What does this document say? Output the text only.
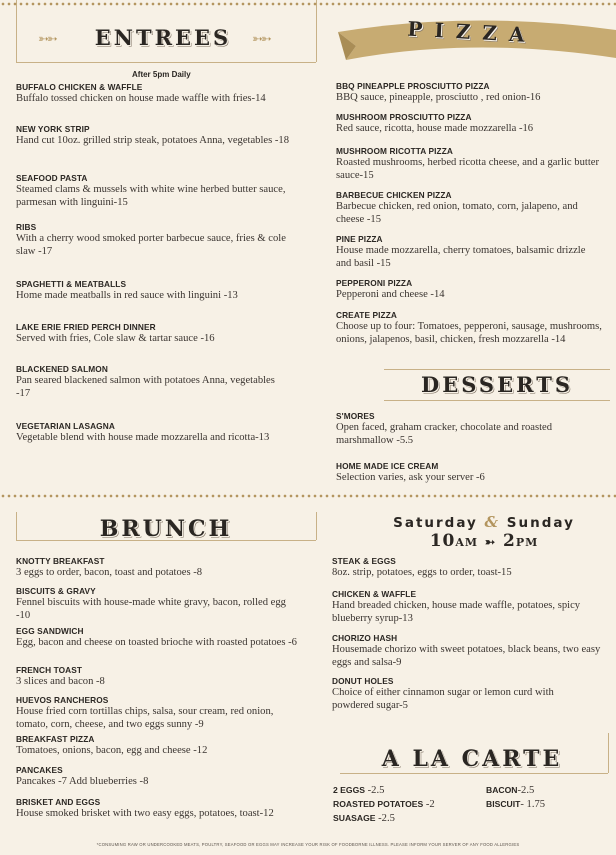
➳➳	ENTREES	➳➳
After 5pm Daily
BUFFALO CHICKEN & WAFFLE
Buffalo tossed chicken on house made waffle with fries-14
NEW YORK STRIP
Hand cut 10oz. grilled strip steak, potatoes Anna, vegetables -18
SEAFOOD PASTA
Steamed clams & mussels with white wine herbed butter sauce, parmesan with linguini-15
RIBS
With a cherry wood smoked porter barbecue sauce, fries & cole slaw -17
SPAGHETTI & MEATBALLS
Home made meatballs in red sauce with linguini -13
LAKE ERIE FRIED PERCH DINNER
Served with fries, Cole slaw & tartar sauce -16
BLACKENED SALMON
Pan seared blackened salmon with potatoes Anna, vegetables -17
VEGETARIAN LASAGNA
Vegetable blend with house made mozzarella and ricotta-13
PIZZA
BBQ PINEAPPLE PROSCIUTTO PIZZA
BBQ sauce, pineapple, prosciutto , red onion-16
MUSHROOM PROSCIUTTO PIZZA
Red sauce, ricotta, house made mozzarella -16
MUSHROOM RICOTTA PIZZA
Roasted mushrooms, herbed ricotta cheese, and a garlic butter sauce-15
BARBECUE CHICKEN PIZZA
Barbecue chicken, red onion, tomato, corn, jalapeno, and cheese -15
PINE PIZZA
House made mozzarella, cherry tomatoes, balsamic drizzle and basil -15
PEPPERONI PIZZA
Pepperoni and cheese -14
CREATE PIZZA
Choose up to four: Tomatoes, pepperoni, sausage, mushrooms, onions, jalapenos, basil, chicken, fresh mozzarella -14
DESSERTS
S'MORES
Open faced, graham cracker, chocolate and roasted marshmallow -5.5
HOME MADE ICE CREAM
Selection varies, ask your server -6
BRUNCH	Saturday & Sunday
10AM ➳ 2PM
KNOTTY BREAKFAST
3 eggs to order, bacon, toast and potatoes -8
BISCUITS & GRAVY
Fennel biscuits with house-made white gravy, bacon, rolled egg -10
EGG SANDWICH
Egg, bacon and cheese on toasted brioche with roasted potatoes -6
FRENCH TOAST
3 slices and bacon -8
HUEVOS RANCHEROS
House fried corn tortillas chips, salsa, sour cream, red onion, tomato, corn, cheese, and two eggs sunny -9
BREAKFAST PIZZA
Tomatoes, onions, bacon, egg and cheese -12
PANCAKES
Pancakes -7 Add blueberries -8
BRISKET AND EGGS
House smoked brisket with two easy eggs, potatoes, toast-12
STEAK & EGGS
8oz. strip, potatoes, eggs to order, toast-15
CHICKEN & WAFFLE
Hand breaded chicken, house made waffle, potatoes, spicy blueberry syrup-13
CHORIZO HASH
Housemade chorizo with sweet potatoes, black beans, two easy eggs and salsa-9
DONUT HOLES
Choice of either cinnamon sugar or lemon curd with powdered sugar-5
A LA CARTE
2 EGGS -2.5	BACON-2.5
ROASTED POTATOES -2	BISCUIT- 1.75
SUASAGE -2.5
*CONSUMING RAW OR UNDERCOOKED MEATS, POULTRY, SEAFOOD OR EGGS MAY INCREASE YOUR RISK OF FOODBORNE ILLNESS. PLEASE INFORM YOUR SERVER OF ANY FOOD ALLERGIES
